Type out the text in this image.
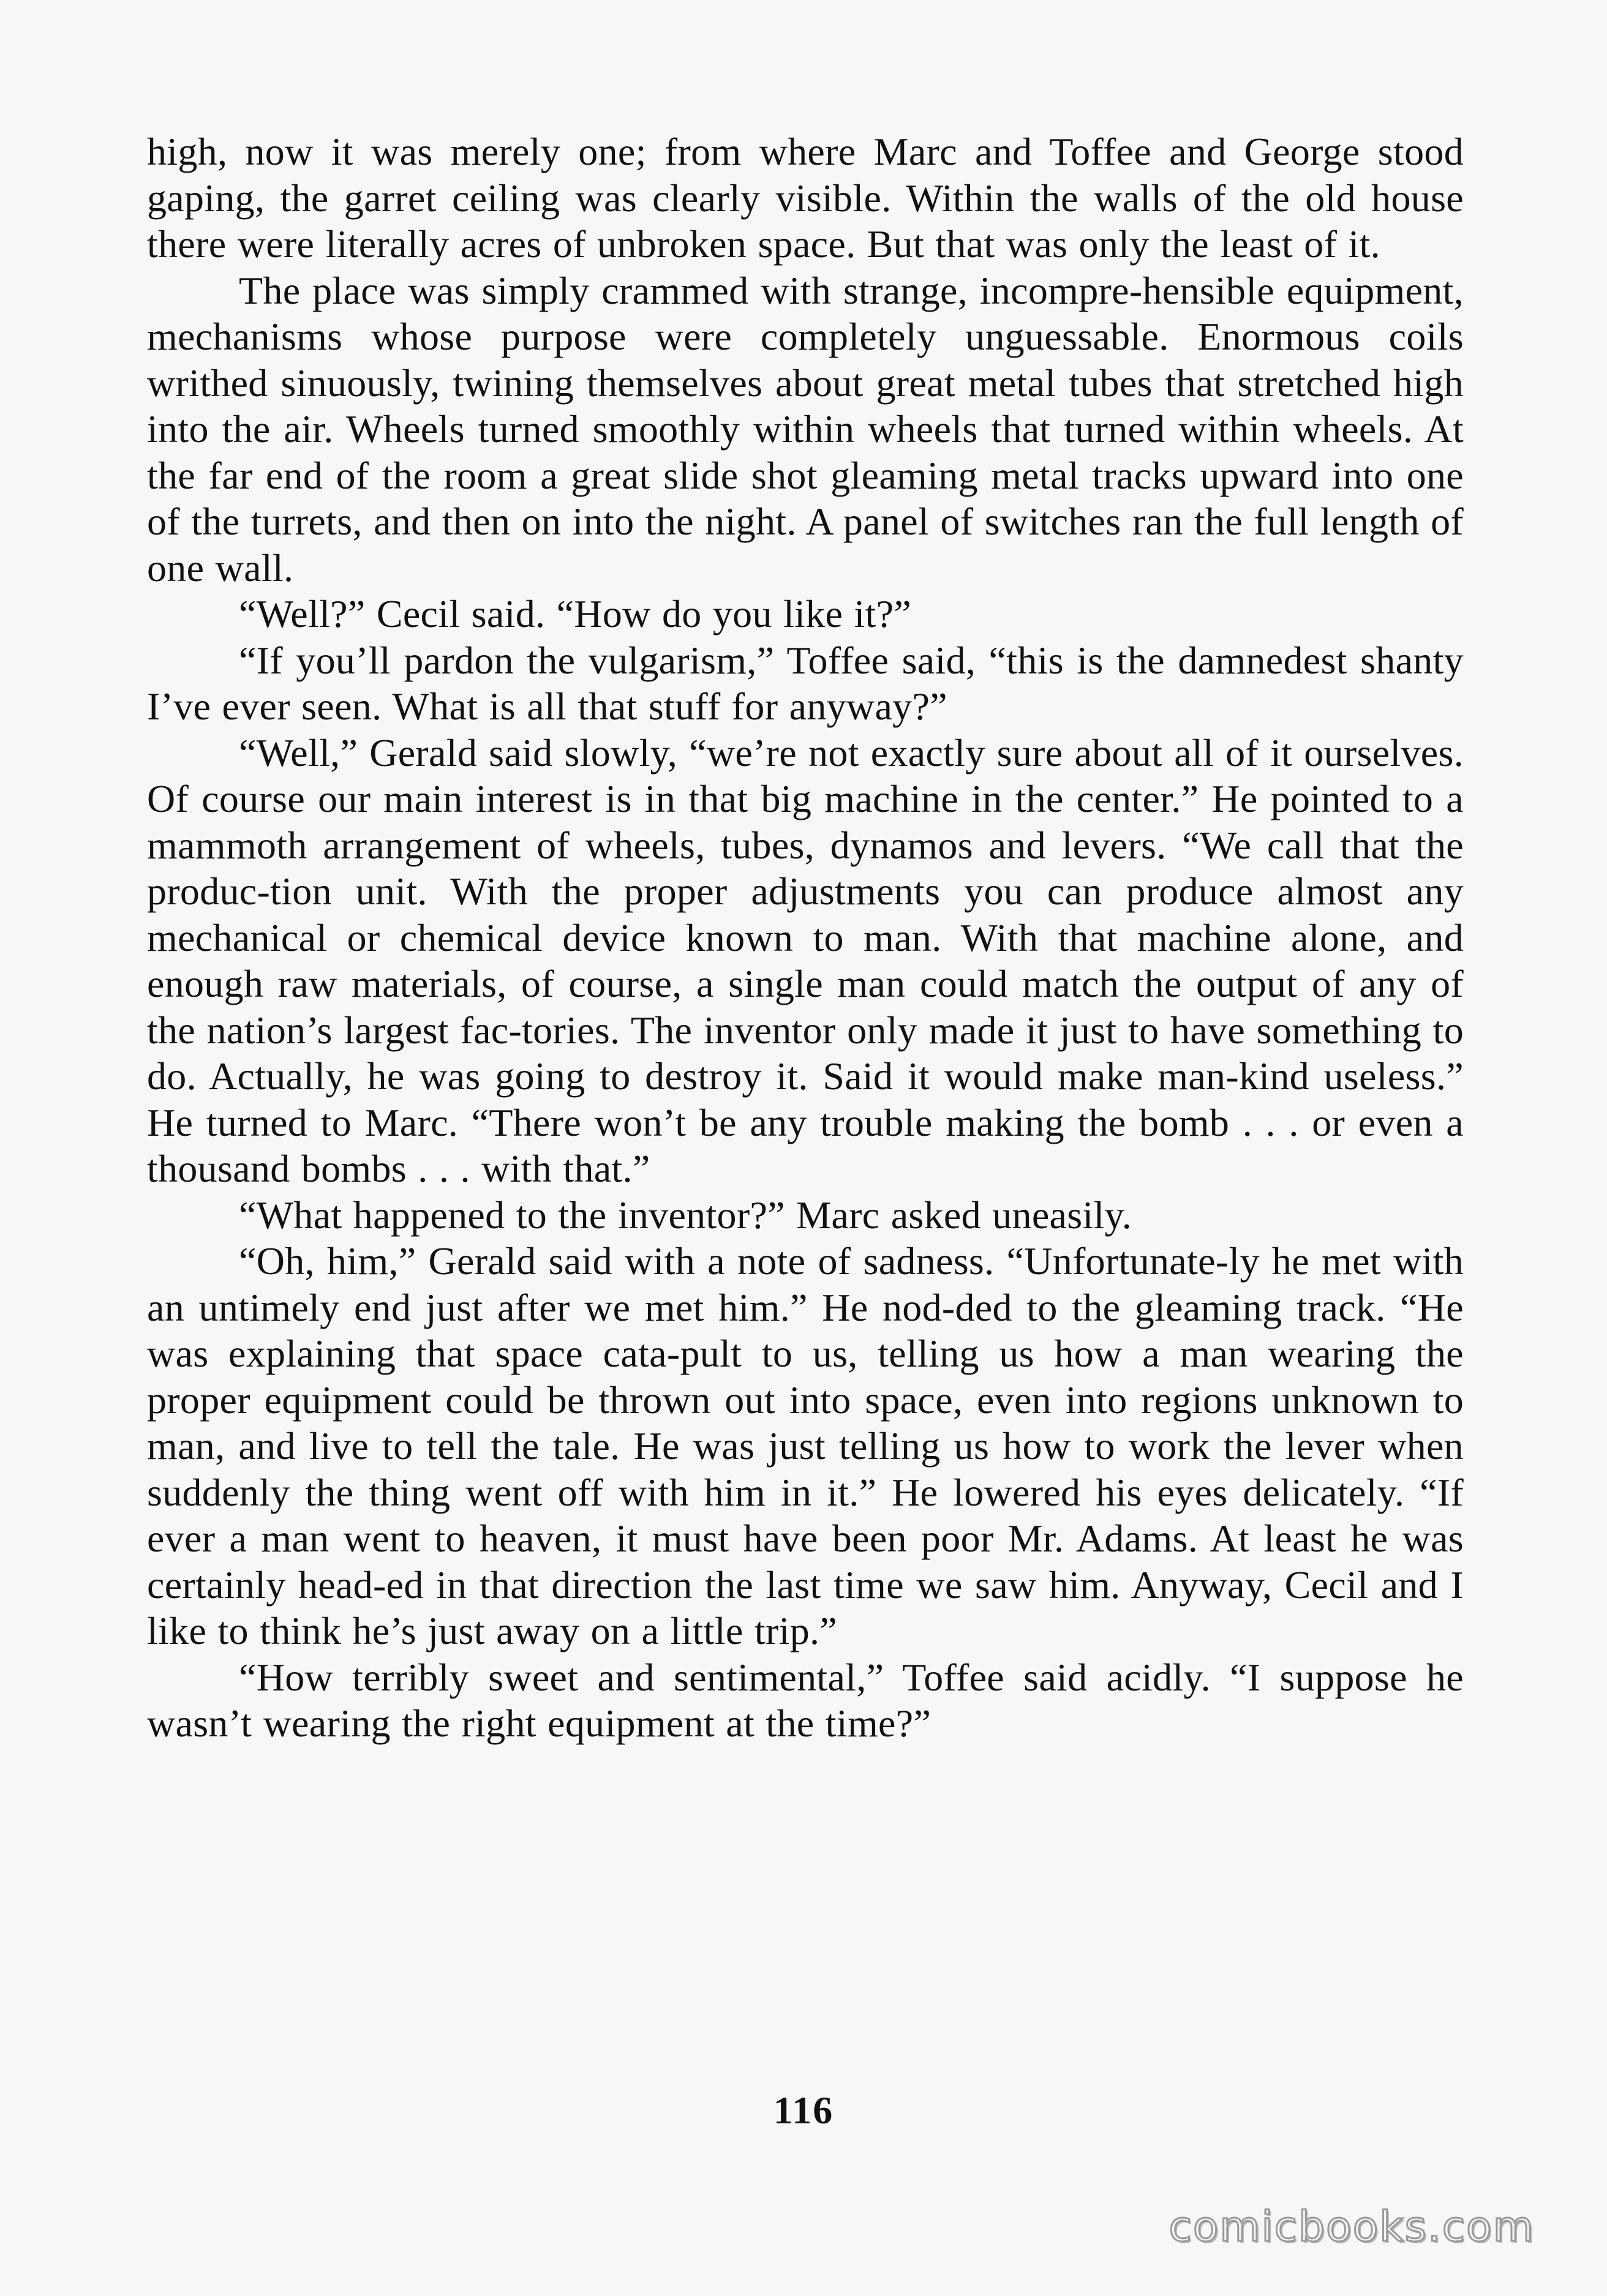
high, now it was merely one; from where Marc and Toffee and George stood gaping, the garret ceiling was clearly visible. Within the walls of the old house there were literally acres of unbroken space. But that was only the least of it.

The place was simply crammed with strange, incompre-hensible equipment, mechanisms whose purpose were completely unguessable. Enormous coils writhed sinuously, twining themselves about great metal tubes that stretched high into the air. Wheels turned smoothly within wheels that turned within wheels. At the far end of the room a great slide shot gleaming metal tracks upward into one of the turrets, and then on into the night. A panel of switches ran the full length of one wall.

“Well?” Cecil said. “How do you like it?”

“If you’ll pardon the vulgarism,” Toffee said, “this is the damnedest shanty I’ve ever seen. What is all that stuff for anyway?”

“Well,” Gerald said slowly, “we’re not exactly sure about all of it ourselves. Of course our main interest is in that big machine in the center.” He pointed to a mammoth arrangement of wheels, tubes, dynamos and levers. “We call that the produc-tion unit. With the proper adjustments you can produce almost any mechanical or chemical device known to man. With that machine alone, and enough raw materials, of course, a single man could match the output of any of the nation’s largest fac-tories. The inventor only made it just to have something to do. Actually, he was going to destroy it. Said it would make man-kind useless.” He turned to Marc. “There won’t be any trouble making the bomb . . . or even a thousand bombs . . . with that.”

“What happened to the inventor?” Marc asked uneasily.

“Oh, him,” Gerald said with a note of sadness. “Unfortunate-ly he met with an untimely end just after we met him.” He nod-ded to the gleaming track. “He was explaining that space cata-pult to us, telling us how a man wearing the proper equipment could be thrown out into space, even into regions unknown to man, and live to tell the tale. He was just telling us how to work the lever when suddenly the thing went off with him in it.” He lowered his eyes delicately. “If ever a man went to heaven, it must have been poor Mr. Adams. At least he was certainly head-ed in that direction the last time we saw him. Anyway, Cecil and I like to think he’s just away on a little trip.”

“How terribly sweet and sentimental,” Toffee said acidly. “I suppose he wasn’t wearing the right equipment at the time?”

116
comicbooks.com
